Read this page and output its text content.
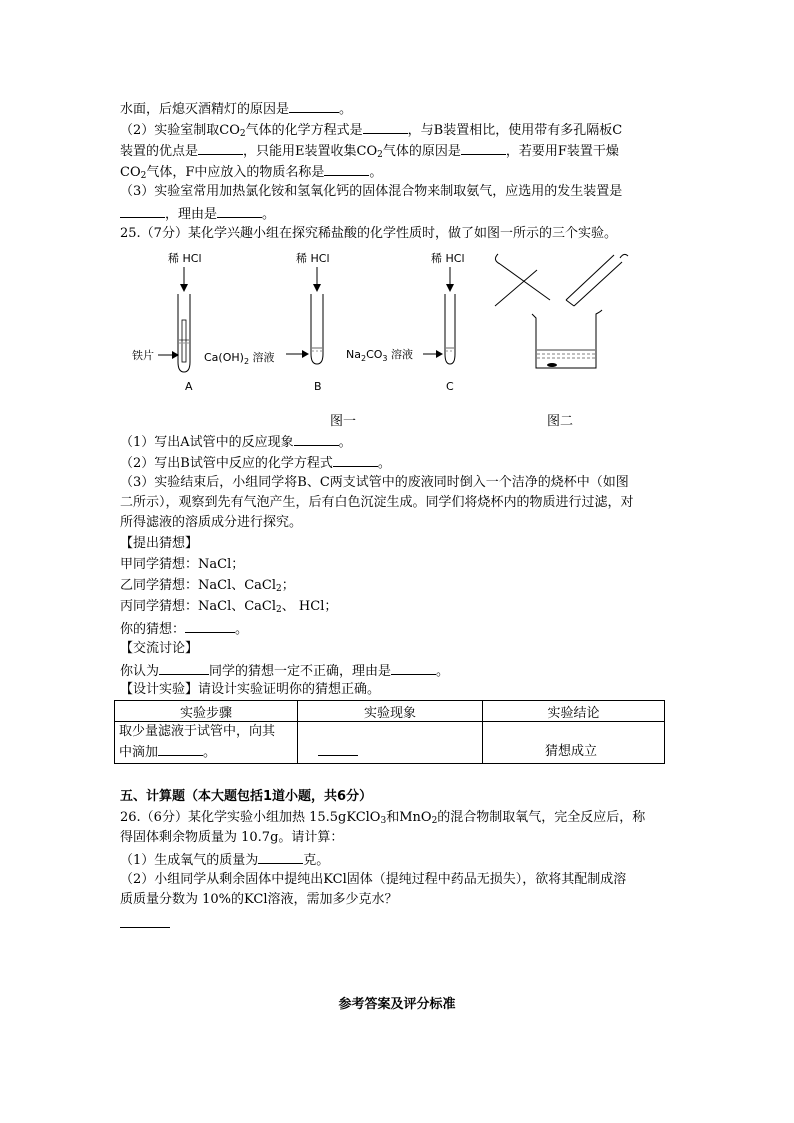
水面，后熄灭酒精灯的原因是	。
（2）实验室制取$CO_2$气体的化学方程式是	，与B装置相比，使用带有多孔隔板C
装置的优点是	，只能用E装置收集$CO_2$气体的原因是	，若要用F装置干燥
$CO_2$气体，F中应放入的物质名称是	。
（3）实验室常用加热氯化铵和氢氧化钙的固体混合物来制取氨气，应选用的发生装置是
，理由是	。
25.（7分）某化学兴趣小组在探究稀盐酸的化学性质时，做了如图一所示的三个实验。
稀 HCl
铁片
A
稀 HCl
$Ca(OH)_2$ 溶液
B
稀 HCl
$Na_2CO_3$ 溶液
C
图一	图二
（1）写出A试管中的反应现象	。
（2）写出B试管中反应的化学方程式	。
（3）实验结束后，小组同学将B、C两支试管中的废液同时倒入一个洁净的烧杯中（如图
二所示），观察到先有气泡产生，后有白色沉淀生成。同学们将烧杯内的物质进行过滤，对
所得滤液的溶质成分进行探究。
【提出猜想】
甲同学猜想：NaCl；
乙同学猜想：NaCl、CaCl$_2$；
丙同学猜想：NaCl、CaCl$_2$、 HCl；
你的猜想：	。
【交流讨论】
你认为	同学的猜想一定不正确，理由是	。
【设计实验】请设计实验证明你的猜想正确。
实验步骤	实验现象	实验结论

取少量滤液于试管中，向其
中滴加 。		猜想成立
五、计算题（本大题包括1道小题，共6分）
26.（6分）某化学实验小组加热 15.5gKClO$_3$和MnO$_2$的混合物制取氧气，完全反应后，称
得固体剩余物质量为 10.7g。请计算：
（1）生成氧气的质量为	克。
（2）小组同学从剩余固体中提纯出KCl固体（提纯过程中药品无损失），欲将其配制成溶
质质量分数为 10%的KCl溶液，需加多少克水？
参考答案及评分标准
